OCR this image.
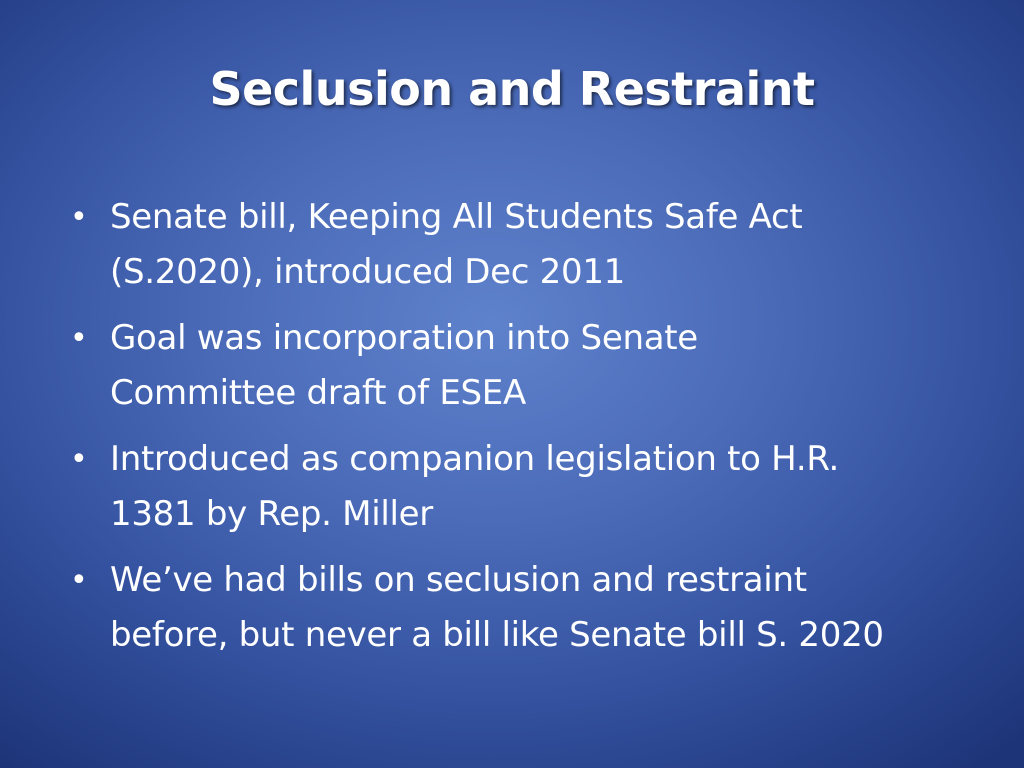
Seclusion and Restraint
• Senate bill, Keeping All Students Safe Act
(S.2020), introduced Dec 2011
• Goal was incorporation into Senate
Committee draft of ESEA
• Introduced as companion legislation to H.R.
1381 by Rep. Miller
• We’ve had bills on seclusion and restraint
before, but never a bill like Senate bill S. 2020
